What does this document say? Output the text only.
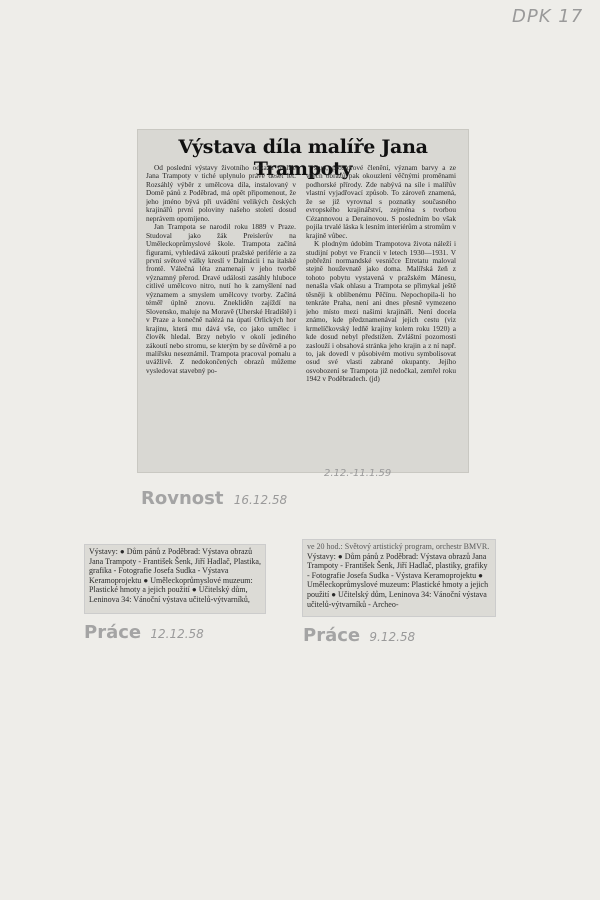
DPK 17
Výstava díla malíře Jana Trampoty

Od poslední výstavy životního odkazu malíře Jana Trampoty v tiché uplynulo právě deset let. Rozsáhlý výběr z umělcova díla, instalovaný v Domě pánů z Poděbrad, má opět připomenout, že jeho jméno bývá při uvádění velikých českých krajinářů první poloviny našeho století dosud neprávem opomíjeno.

Jan Trampota se narodil roku 1889 v Praze. Studoval jako žák Preislerův na Uměleckoprůmyslové škole. Trampota začíná figurami, vyhledává zákoutí pražské periférie a za první světové války kreslí v Dalmácii i na italské frontě. Válečná léta znamenají v jeho tvorbě významný přerod. Dravé události zasáhly hluboce citlivé umělcovo nitro, nutí ho k zamyšlení nad významem a smyslem umělcovy tvorby. Začíná téměř úplně znovu. Znekliděn zajíždí na Slovensko, maluje na Moravě (Uherské Hradiště) i v Praze a konečně nalézá na úpatí Orlických hor krajinu, která mu dává vše, co jako umělec i člověk hledal. Brzy nebylo v okolí jediného zákoutí nebo stromu, se kterým by se důvěrně a po malířsku neseznámil. Trampota pracoval pomalu a uvážlivě. Z nedokončených obrazů můžeme vysledovat stavebný po-

stup, prostorové členění, význam barvy a ze všech obrazů pak okouzlení věčnými proměnami podhorské přírody. Zde nabývá na síle i malířův vlastní vyjadřovací způsob. To zároveň znamená, že se již vyrovnal s poznatky současného evropského krajinářství, zejména s tvorbou Cézannovou a Derainovou. S posledním bo však pojila trvalé láska k lesním interiérům a stromům v krajině vůbec.

K plodným údobím Trampotova života náleží i studijní pobyt ve Francii v letech 1930—1931. V pobřežní normandské vesničce Etretatu maloval stejně houževnatě jako doma. Malířská žeň z tohoto pobytu vystavená v pražském Mánesu, nenašla však ohlasu a Trampota se přimykal ještě těsněji k oblíbenému Pěčínu. Nepochopila-li ho tenkráte Praha, není ani dnes přesně vymezeno jeho místo mezi našimi krajináři. Není docela známo, kde předznamenával jejich cestu (viz krmelíčkovský ledňě krajiny kolem roku 1920) a kde dosud nebyl předstižen. Zvláštní pozornosti zaslouží i obsahová stránka jeho krajin a z ní např. to, jak dovedl v působivém motivu symbolisovat osud své vlasti zabrané okupanty. Jejího osvobození se Trampota již nedočkal, zemřel roku 1942 v Poděbradech. (jd)

2.12.-11.1.59
Rovnost 16.12.58

Výstavy: ● Dům pánů z Poděbrad: Výstava obrazů Jana Trampoty - František Šenk, Jiří Hadlač, Plastika, grafika - Fotografie Josefa Sudka - Výstava Keramoprojektu ● Uměleckoprůmyslové muzeum: Plastické hmoty a jejich použití ● Učitelský dům, Leninova 34: Vánoční výstava učitelů-výtvarníků,

Práce 12.12.58

ve 20 hod.: Světový artistický program, orchestr BMVR.

Výstavy: ● Dům pánů z Poděbrad: Výstava obrazů Jana Trampoty - František Šenk, Jiří Hadlač, plastiky, grafiky - Fotografie Josefa Sudka - Výstava Keramoprojektu ● Uměleckoprůmyslové muzeum: Plastické hmoty a jejich použití ● Učitelský dům, Leninova 34: Vánoční výstava učitelů-výtvarníků - Archeo-

Práce 9.12.58
